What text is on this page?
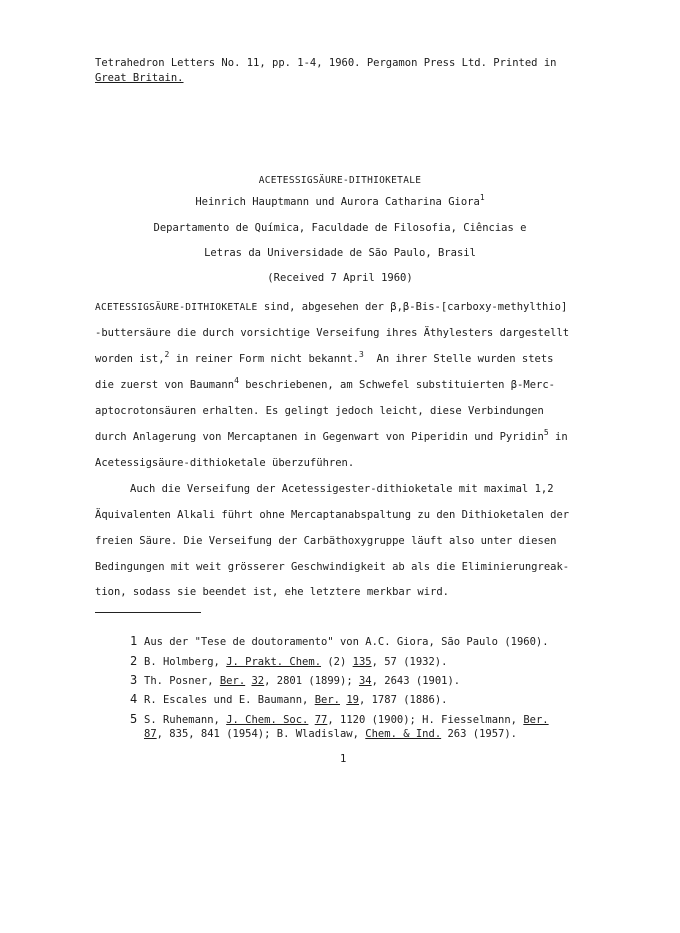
Tetrahedron Letters No. 11, pp. 1-4, 1960. Pergamon Press Ltd. Printed in
Great Britain.
ACETESSIGSÄURE-DITHIOKETALE
Heinrich Hauptmann und Aurora Catharina Giora$^1$
Departamento de Química, Faculdade de Filosofia, Ciências e
Letras da Universidade de São Paulo, Brasil
(Received 7 April 1960)
ACETESSIGSÄURE-DITHIOKETALE sind, abgesehen der β,β-Bis-[carboxy-methylthio]
-buttersäure die durch vorsichtige Verseifung ihres Äthylesters dargestellt
worden ist,$^2$ in reiner Form nicht bekannt.$^3$  An ihrer Stelle wurden stets
die zuerst von Baumann$^4$ beschriebenen, am Schwefel substituierten β-Merc-
aptocrotonsäuren erhalten. Es gelingt jedoch leicht, diese Verbindungen
durch Anlagerung von Mercaptanen in Gegenwart von Piperidin und Pyridin$^5$ in
Acetessigsäure-dithioketale überzuführen.
Auch die Verseifung der Acetessigester-dithioketale mit maximal 1,2
Äquivalenten Alkali führt ohne Mercaptanabspaltung zu den Dithioketalen der
freien Säure. Die Verseifung der Carbäthoxygruppe läuft also unter diesen
Bedingungen mit weit grösserer Geschwindigkeit ab als die Eliminierungreak-
tion, sodass sie beendet ist, ehe letztere merkbar wird.
1 Aus der "Tese de doutoramento" von A.C. Giora, São Paulo (1960).
2 B. Holmberg, J. Prakt. Chem. (2) 135, 57 (1932).
3 Th. Posner, Ber. 32, 2801 (1899); 34, 2643 (1901).
4 R. Escales und E. Baumann, Ber. 19, 1787 (1886).
5 S. Ruhemann, J. Chem. Soc. 77, 1120 (1900); H. Fiesselmann, Ber.
87, 835, 841 (1954); B. Wladislaw, Chem. & Ind. 263 (1957).
1
